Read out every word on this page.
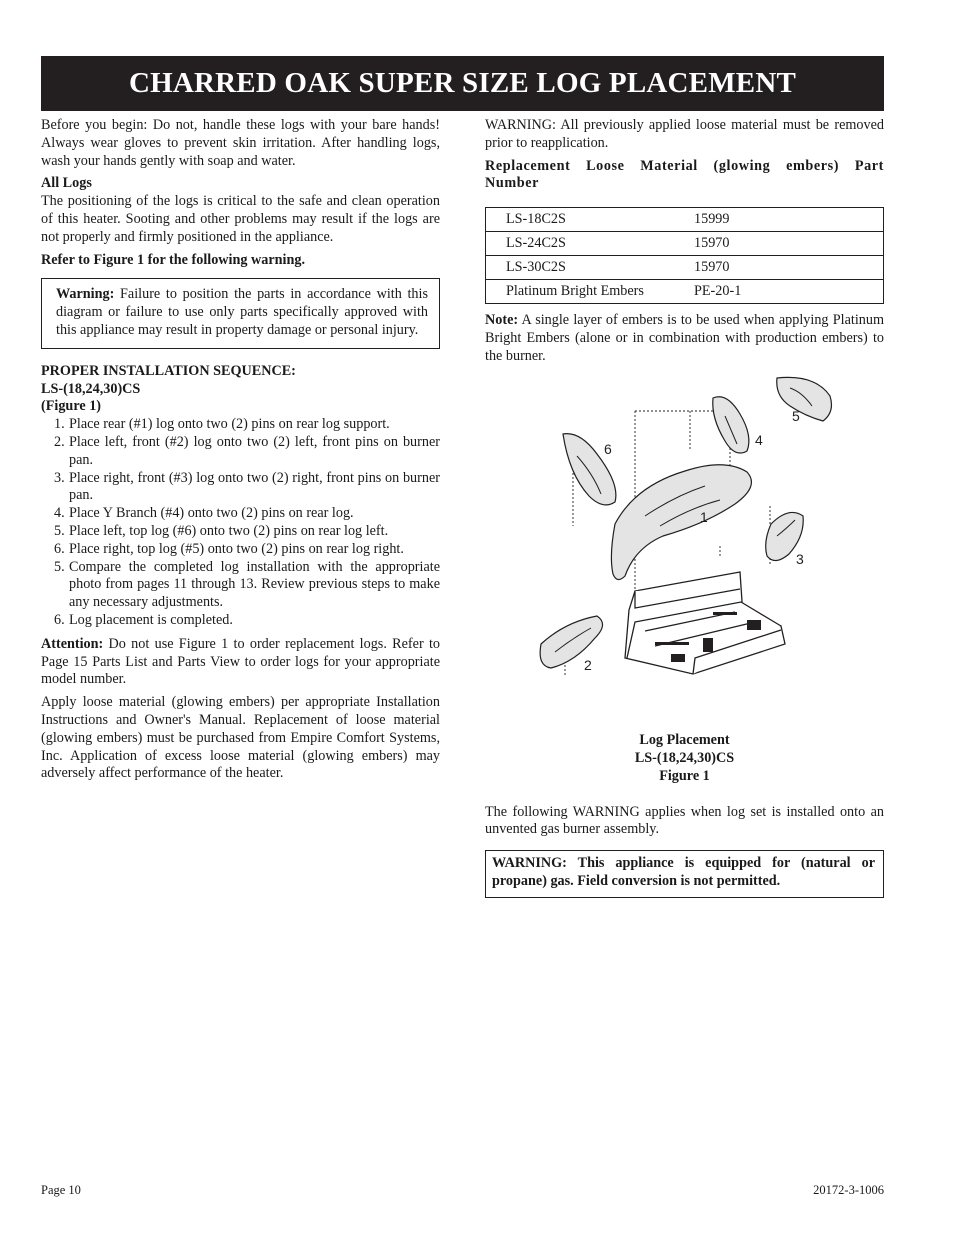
CHARRED OAK SUPER SIZE LOG PLACEMENT

Before you begin: Do not, handle these logs with your bare hands! Always wear gloves to prevent skin irritation. After handling logs, wash your hands gently with soap and water.

All Logs

The positioning of the logs is critical to the safe and clean operation of this heater. Sooting and other problems may result if the logs are not properly and firmly positioned in the appliance.

Refer to Figure 1 for the following warning.

Warning: Failure to position the parts in accordance with this diagram or failure to use only parts specifically approved with this appliance may result in property damage or personal injury.
PROPER INSTALLATION SEQUENCE:
LS-(18,24,30)CS
(Figure 1)
1. Place rear (#1) log onto two (2) pins on rear log support.
2. Place left, front (#2) log onto two (2) left, front pins on burner pan.
3. Place right, front (#3) log onto two (2) right, front pins on burner pan.
4. Place Y Branch (#4) onto two (2) pins on rear log.
5. Place left, top log (#6) onto two (2) pins on rear log left.
6. Place right, top log (#5) onto two (2) pins on rear log right.
5. Compare the completed log installation with the appropriate photo from pages 11 through 13. Review previous steps to make any necessary adjustments.
6. Log placement is completed.

Attention: Do not use Figure 1 to order replacement logs. Refer to Page 15 Parts List and Parts View to order logs for your appropriate model number.

Apply loose material (glowing embers) per appropriate Installation Instructions and Owner's Manual. Replacement of loose material (glowing embers) must be purchased from Empire Comfort Systems, Inc. Application of excess loose material (glowing embers) may adversely affect performance of the heater.

WARNING: All previously applied loose material must be removed prior to reapplication.

Replacement Loose Material (glowing embers) Part Number
LS-18C2S	15999
LS-24C2S	15970
LS-30C2S	15970
Platinum Bright Embers	PE-20-1

Note: A single layer of embers is to be used when applying Platinum Bright Embers (alone or in combination with production embers) to the burner.

1
2
3
4
5
6
Log Placement
LS-(18,24,30)CS
Figure 1

The following WARNING applies when log set is installed onto an unvented gas burner assembly.

WARNING: This appliance is equipped for (natural or propane) gas. Field conversion is not permitted.
Page 10	20172-3-1006
